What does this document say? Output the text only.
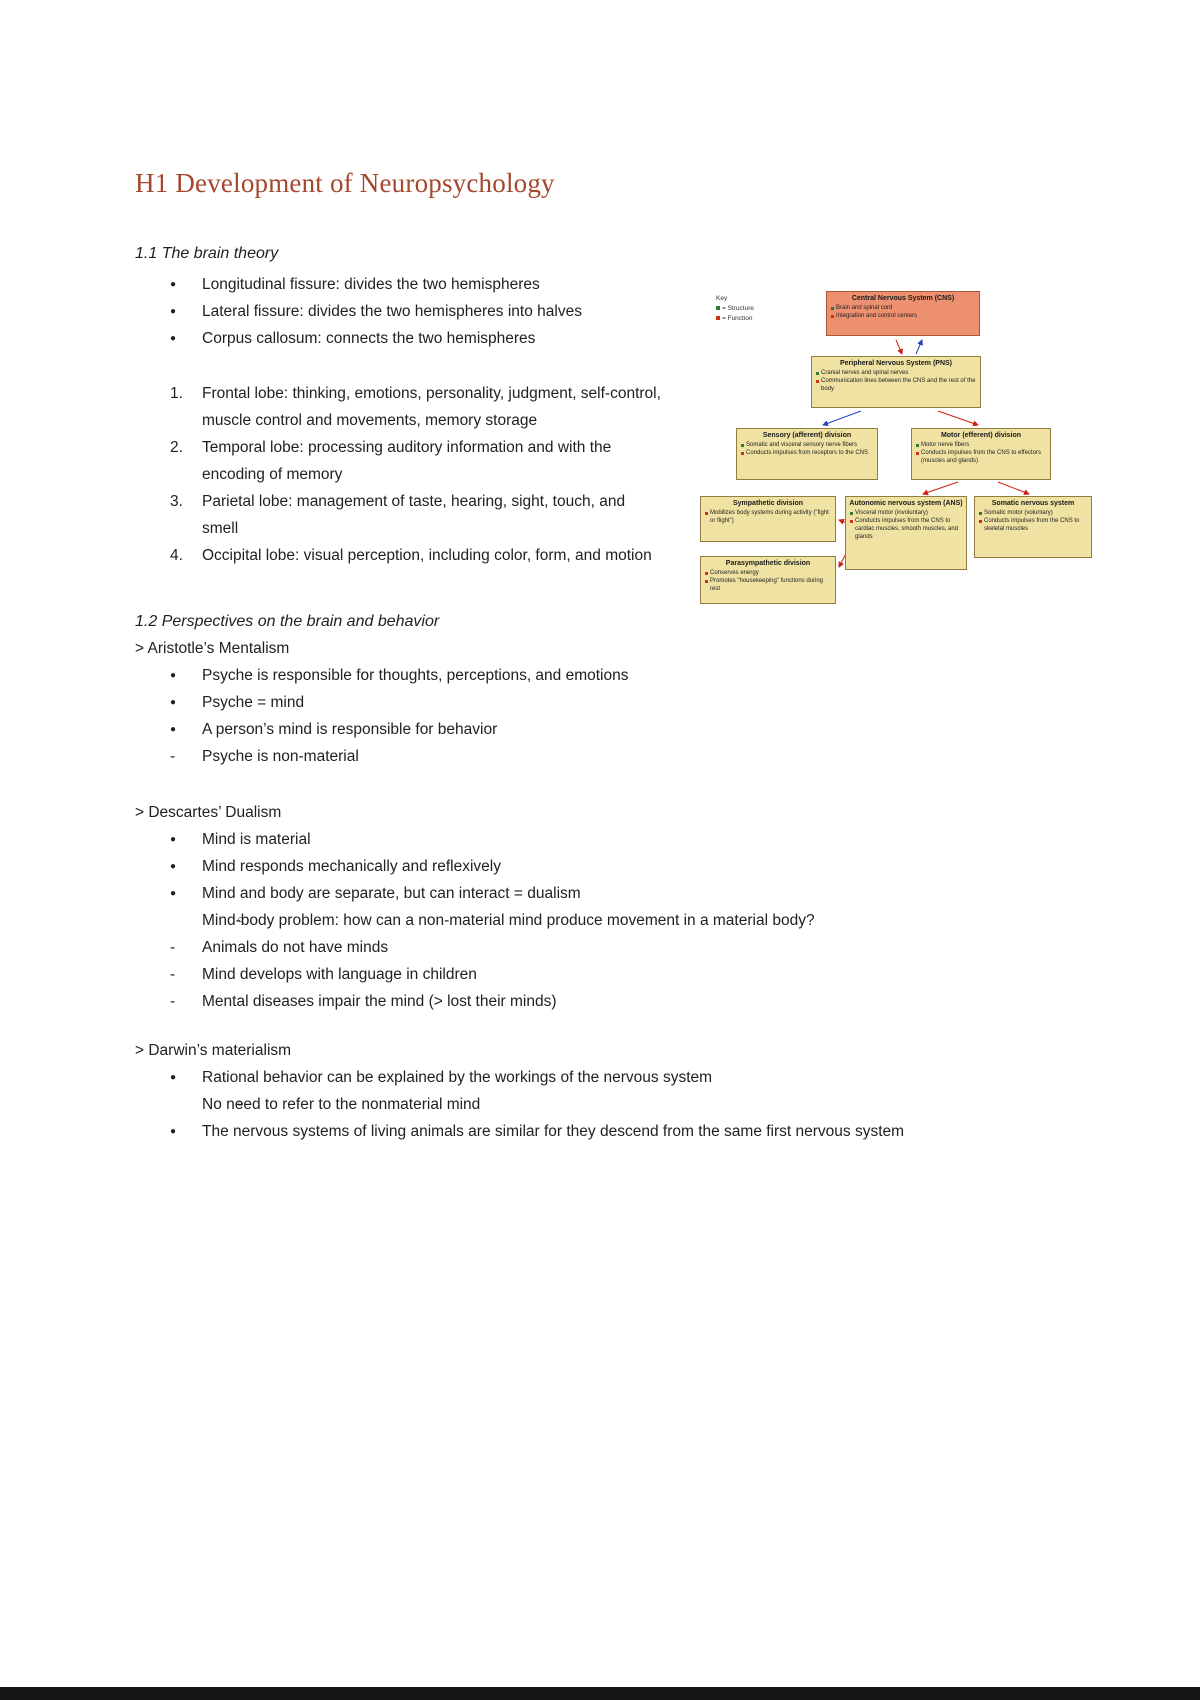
H1 Development of Neuropsychology

1.1 The brain theory

● Longitudinal fissure: divides the two hemispheres
● Lateral fissure: divides the two hemispheres into halves
● Corpus callosum: connects the two hemispheres
Frontal lobe: thinking, emotions, personality, judgment, self-control, muscle control and movements, memory storage
Temporal lobe: processing auditory information and with the encoding of memory
Parietal lobe: management of taste, hearing, sight, touch, and smell
Occipital lobe: visual perception, including color, form, and motion

1.2 Perspectives on the brain and behavior

> Aristotle’s Mentalism

● Psyche is responsible for thoughts, perceptions, and emotions
● Psyche = mind
● A person’s mind is responsible for behavior
- Psyche is non-material

> Descartes’ Dualism

● Mind is material
● Mind responds mechanically and reflexively
● Mind and body are separate, but can interact = dualism
○ Mind-body problem: how can a non-material mind produce movement in a material body?
- Animals do not have minds
- Mind develops with language in children
- Mental diseases impair the mind (> lost their minds)

> Darwin’s materialism

● Rational behavior can be explained by the workings of the nervous system
○ No need to refer to the nonmaterial mind
● The nervous systems of living animals are similar for they descend from the same first nervous system
Key
= Structure
= Function
Central Nervous System (CNS)
Brain and spinal cord
Integration and control centers
Peripheral Nervous System (PNS)
Cranial nerves and spinal nerves
Communication lines between the CNS and the rest of the body
Sensory (afferent) division
Somatic and visceral sensory nerve fibers
Conducts impulses from receptors to the CNS
Motor (efferent) division
Motor nerve fibers
Conducts impulses from the CNS to effectors (muscles and glands)
Sympathetic division
Mobilizes body systems during activity ("fight or flight")
Autonomic nervous system (ANS)
Visceral motor (involuntary)
Conducts impulses from the CNS to cardiac muscles, smooth muscles, and glands
Somatic nervous system
Somatic motor (voluntary)
Conducts impulses from the CNS to skeletal muscles
Parasympathetic division
Conserves energy
Promotes "housekeeping" functions during rest
